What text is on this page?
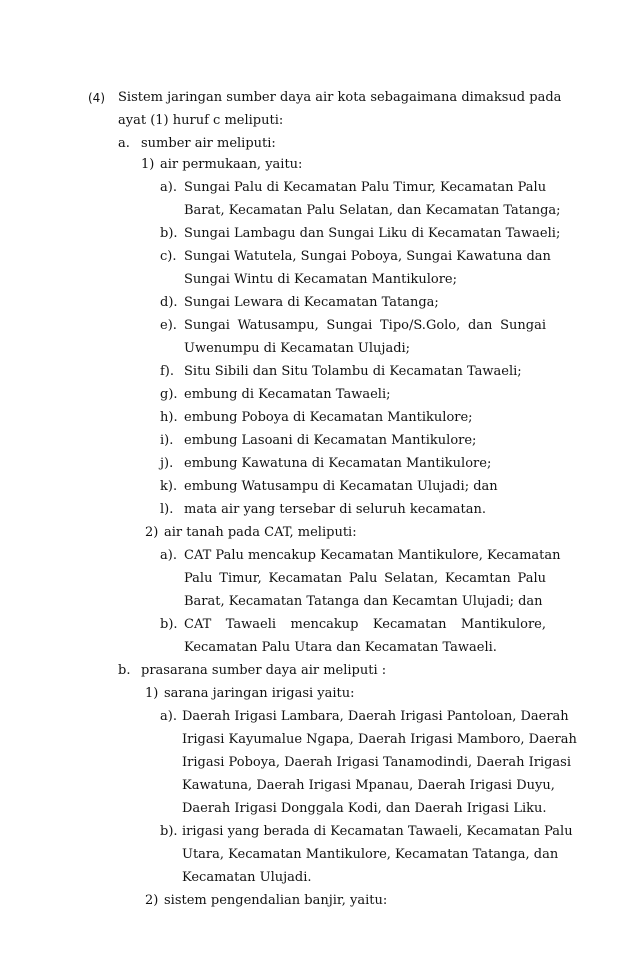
(4) Sistem jaringan sumber daya air kota sebagaimana dimaksud pada
ayat (1) huruf c meliputi:
a. sumber air meliputi:
1) air permukaan, yaitu:
a). Sungai Palu di Kecamatan Palu Timur, Kecamatan Palu
Barat, Kecamatan Palu Selatan, dan Kecamatan Tatanga;
b). Sungai Lambagu dan Sungai Liku di Kecamatan Tawaeli;
c). Sungai Watutela, Sungai Poboya, Sungai Kawatuna dan
Sungai Wintu di Kecamatan Mantikulore;
d). Sungai Lewara di Kecamatan Tatanga;
e). Sungai Watusampu, Sungai Tipo/S.Golo, dan Sungai
Uwenumpu di Kecamatan Ulujadi;
f). Situ Sibili dan Situ Tolambu di Kecamatan Tawaeli;
g). embung di Kecamatan Tawaeli;
h). embung Poboya di Kecamatan Mantikulore;
i). embung Lasoani di Kecamatan Mantikulore;
j). embung Kawatuna di Kecamatan Mantikulore;
k). embung Watusampu di Kecamatan Ulujadi; dan
l). mata air yang tersebar di seluruh kecamatan.
2) air tanah pada CAT, meliputi:
a). CAT Palu mencakup Kecamatan Mantikulore, Kecamatan
Palu Timur, Kecamatan Palu Selatan, Kecamtan Palu
Barat, Kecamatan Tatanga dan Kecamtan Ulujadi; dan
b). CAT Tawaeli mencakup Kecamatan Mantikulore,
Kecamatan Palu Utara dan Kecamatan Tawaeli.
b. prasarana sumber daya air meliputi :
1) sarana jaringan irigasi yaitu:
a). Daerah Irigasi Lambara, Daerah Irigasi Pantoloan, Daerah
Irigasi Kayumalue Ngapa, Daerah Irigasi Mamboro, Daerah
Irigasi Poboya, Daerah Irigasi Tanamodindi, Daerah Irigasi
Kawatuna, Daerah Irigasi Mpanau, Daerah Irigasi Duyu,
Daerah Irigasi Donggala Kodi, dan Daerah Irigasi Liku.
b). irigasi yang berada di Kecamatan Tawaeli, Kecamatan Palu
Utara, Kecamatan Mantikulore, Kecamatan Tatanga, dan
Kecamatan Ulujadi.
2) sistem pengendalian banjir, yaitu:
